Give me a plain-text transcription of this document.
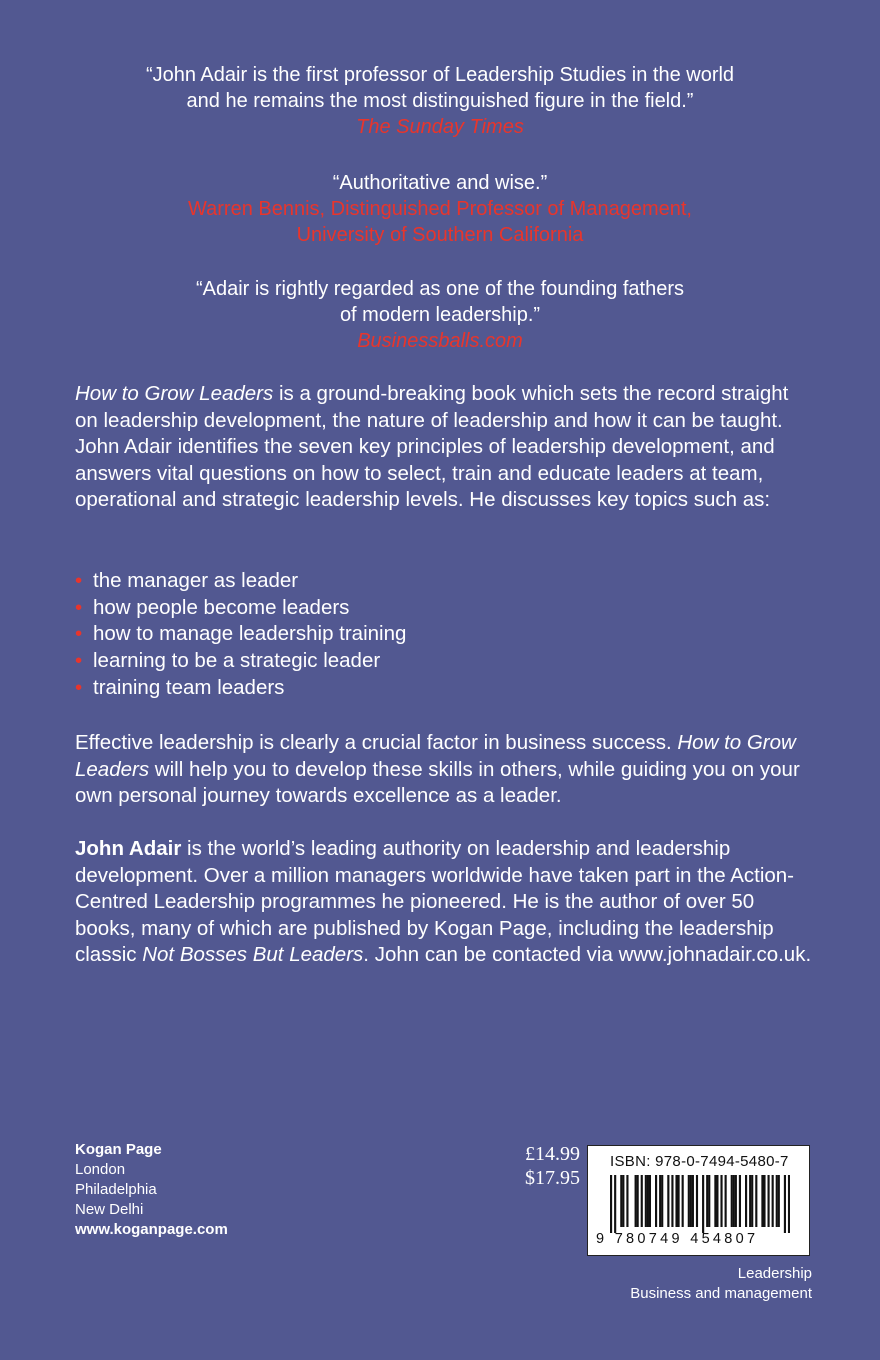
“John Adair is the first professor of Leadership Studies in the world
and he remains the most distinguished figure in the field.”
The Sunday Times
“Authoritative and wise.”
Warren Bennis, Distinguished Professor of Management,
University of Southern California
“Adair is rightly regarded as one of the founding fathers
of modern leadership.”
Businessballs.com
How to Grow Leaders is a ground-breaking book which sets the record straight on leadership development, the nature of leadership and how it can be taught. John Adair identifies the seven key principles of leadership development, and answers vital questions on how to select, train and educate leaders at team, operational and strategic leadership levels. He discusses key topics such as:
• the manager as leader
• how people become leaders
• how to manage leadership training
• learning to be a strategic leader
• training team leaders
Effective leadership is clearly a crucial factor in business success. How to Grow Leaders will help you to develop these skills in others, while guiding you on your own personal journey towards excellence as a leader.
John Adair is the world’s leading authority on leadership and leadership development. Over a million managers worldwide have taken part in the Action-Centred Leadership programmes he pioneered. He is the author of over 50 books, many of which are published by Kogan Page, including the leadership classic Not Bosses But Leaders. John can be contacted via www.johnadair.co.uk.
Kogan Page
London
Philadelphia
New Delhi
www.koganpage.com
£14.99
$17.95
ISBN: 978-0-7494-5480-7
9 780749 454807
Leadership
Business and management
